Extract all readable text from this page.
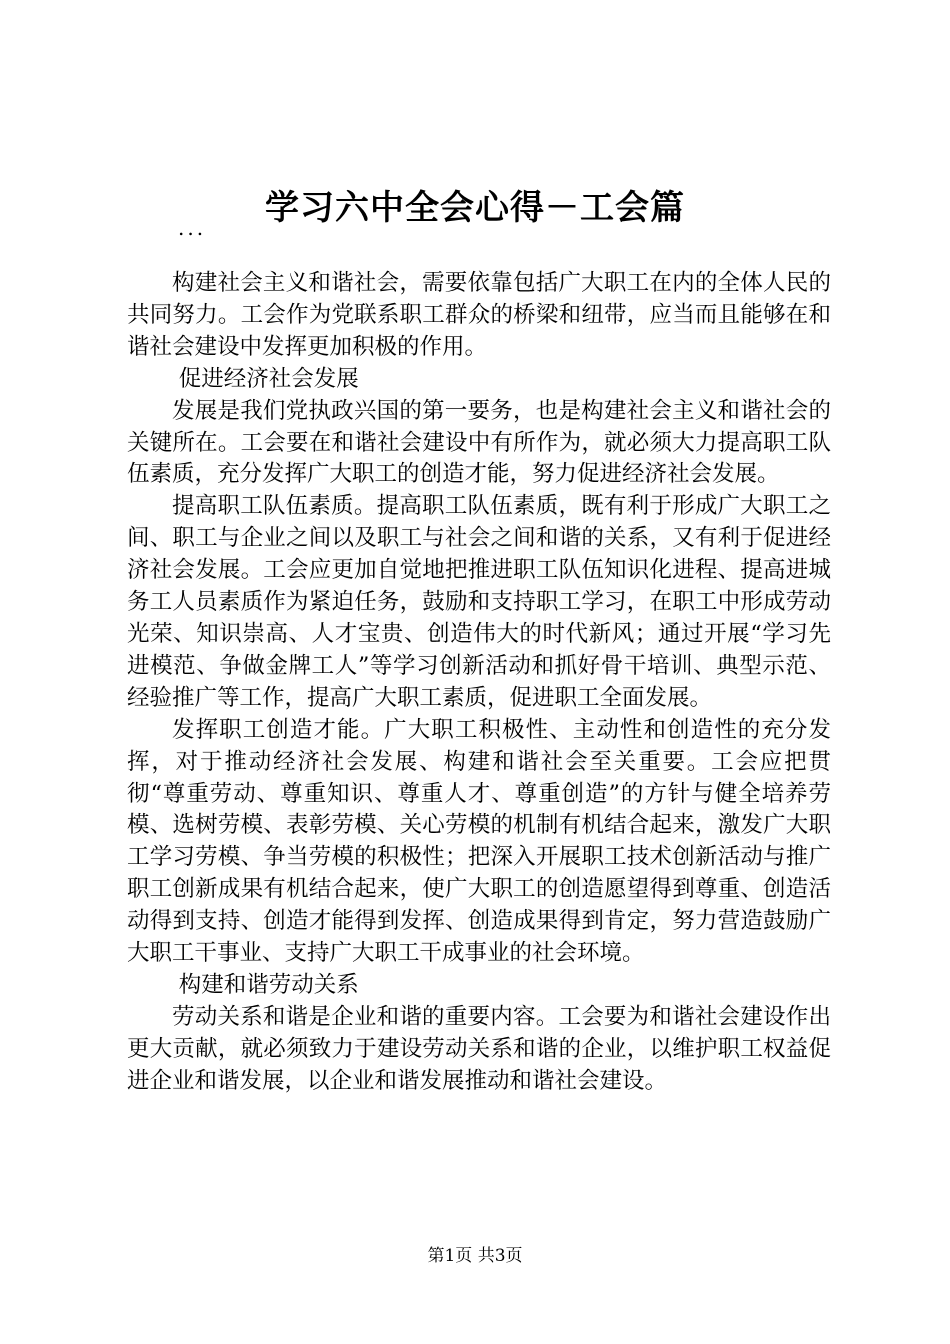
学习六中全会心得－工会篇
...

构建社会主义和谐社会，需要依靠包括广大职工在内的全体人民的共同努力。工会作为党联系职工群众的桥梁和纽带，应当而且能够在和谐社会建设中发挥更加积极的作用。

促进经济社会发展

发展是我们党执政兴国的第一要务，也是构建社会主义和谐社会的关键所在。工会要在和谐社会建设中有所作为，就必须大力提高职工队伍素质，充分发挥广大职工的创造才能，努力促进经济社会发展。

提高职工队伍素质。提高职工队伍素质，既有利于形成广大职工之间、职工与企业之间以及职工与社会之间和谐的关系，又有利于促进经济社会发展。工会应更加自觉地把推进职工队伍知识化进程、提高进城务工人员素质作为紧迫任务，鼓励和支持职工学习，在职工中形成劳动光荣、知识崇高、人才宝贵、创造伟大的时代新风；通过开展“学习先进模范、争做金牌工人”等学习创新活动和抓好骨干培训、典型示范、经验推广等工作，提高广大职工素质，促进职工全面发展。

发挥职工创造才能。广大职工积极性、主动性和创造性的充分发挥，对于推动经济社会发展、构建和谐社会至关重要。工会应把贯彻“尊重劳动、尊重知识、尊重人才、尊重创造”的方针与健全培养劳模、选树劳模、表彰劳模、关心劳模的机制有机结合起来，激发广大职工学习劳模、争当劳模的积极性；把深入开展职工技术创新活动与推广职工创新成果有机结合起来，使广大职工的创造愿望得到尊重、创造活动得到支持、创造才能得到发挥、创造成果得到肯定，努力营造鼓励广大职工干事业、支持广大职工干成事业的社会环境。

构建和谐劳动关系

劳动关系和谐是企业和谐的重要内容。工会要为和谐社会建设作出更大贡献，就必须致力于建设劳动关系和谐的企业，以维护职工权益促进企业和谐发展，以企业和谐发展推动和谐社会建设。

第1页 共3页
